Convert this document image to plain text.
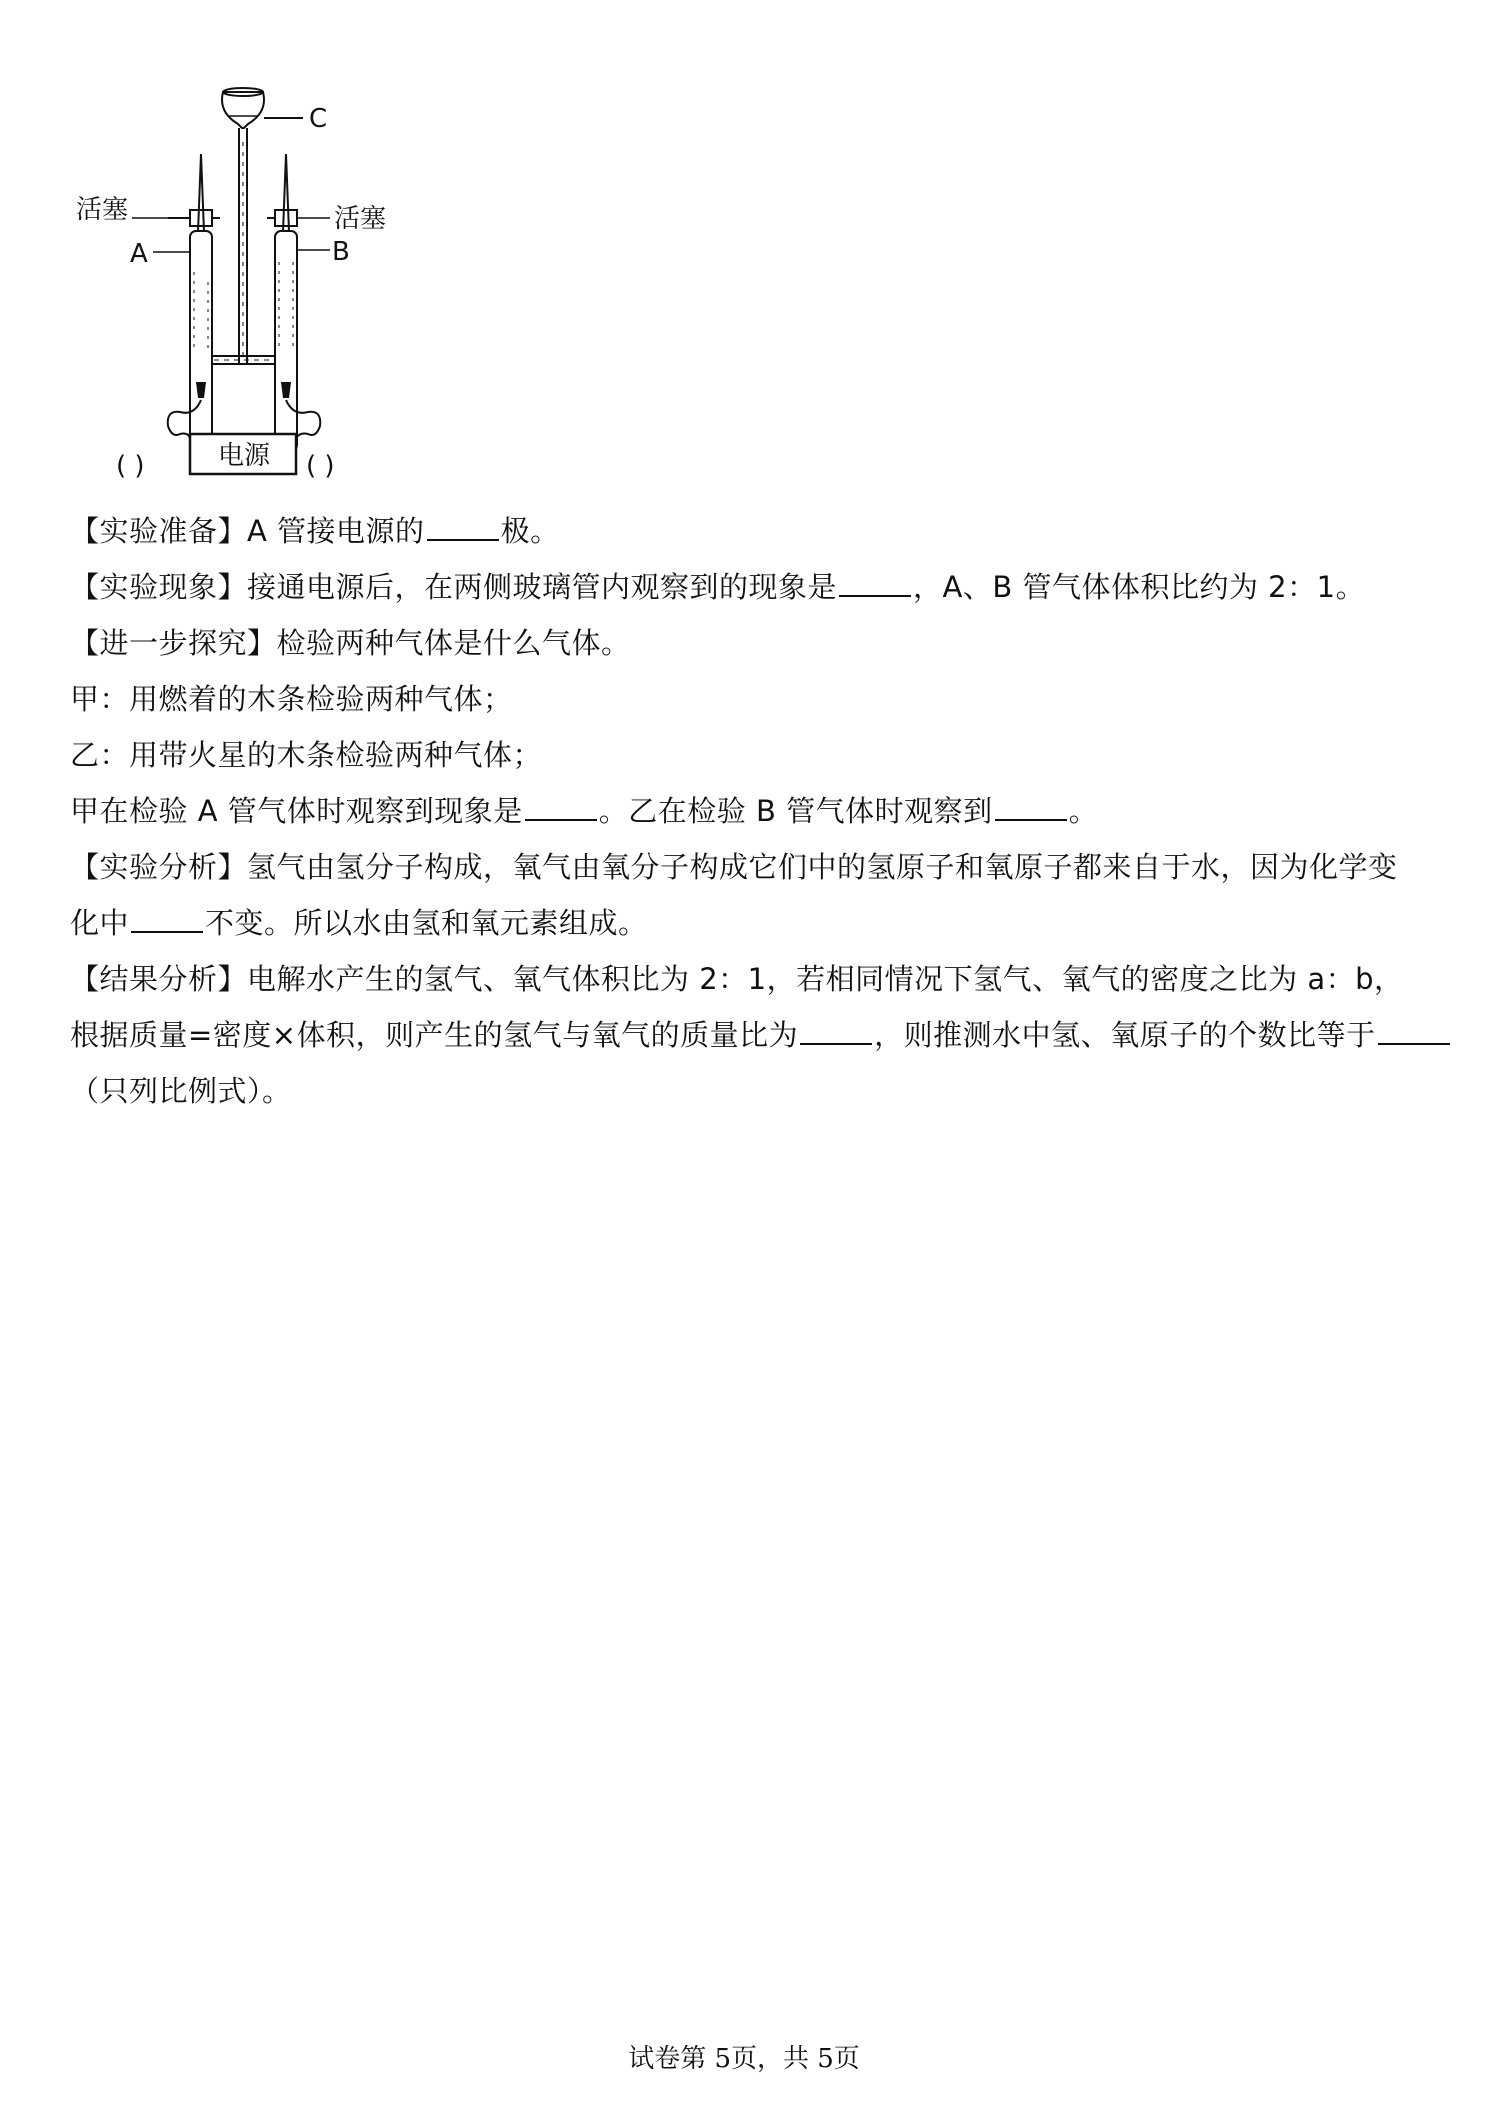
C
电源
活塞	活塞
A	B
( )	( )
【实验准备】A 管接电源的	极。
【实验现象】接通电源后，在两侧玻璃管内观察到的现象是	，A、B 管气体体积比约为 2：1。
【进一步探究】检验两种气体是什么气体。
甲：用燃着的木条检验两种气体；
乙：用带火星的木条检验两种气体；
甲在检验 A 管气体时观察到现象是	。乙在检验 B 管气体时观察到	。
【实验分析】氢气由氢分子构成，氧气由氧分子构成它们中的氢原子和氧原子都来自于水，因为化学变
化中	不变。所以水由氢和氧元素组成。
【结果分析】电解水产生的氢气、氧气体积比为 2：1，若相同情况下氢气、氧气的密度之比为 a：b，
根据质量=密度×体积，则产生的氢气与氧气的质量比为	，则推测水中氢、氧原子的个数比等于
（只列比例式）。
试卷第 5页，共 5页
